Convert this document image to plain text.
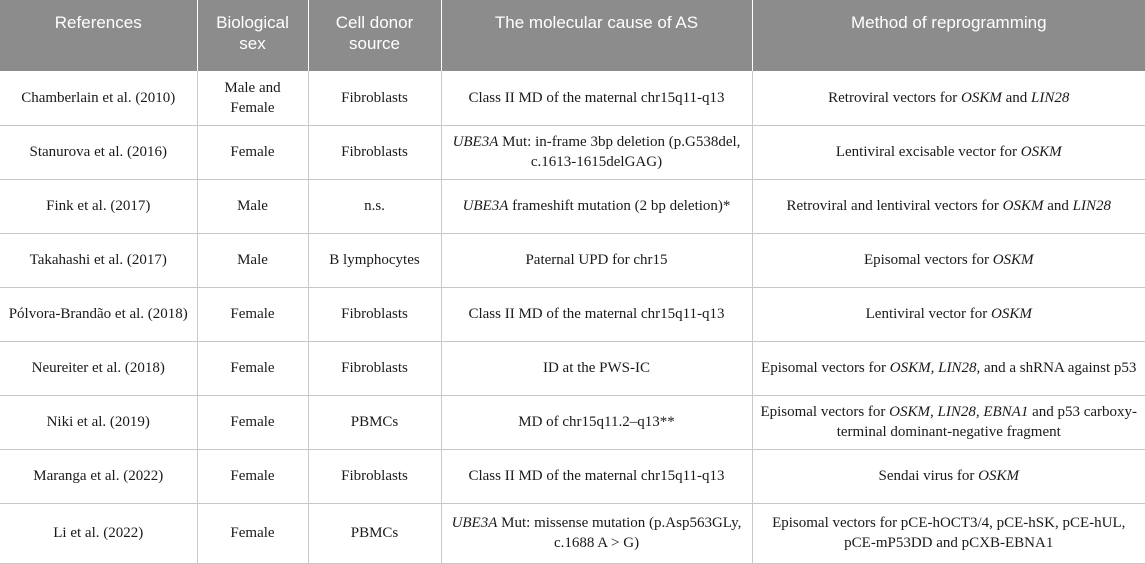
References	Biological sex	Cell donor source	The molecular cause of AS	Method of reprogramming
Chamberlain et al. (2010)	Male and Female	Fibroblasts	Class II MD of the maternal chr15q11-q13	Retroviral vectors for OSKM and LIN28
Stanurova et al. (2016)	Female	Fibroblasts	UBE3A Mut: in-frame 3bp deletion (p.G538del, c.1613-1615delGAG)	Lentiviral excisable vector for OSKM
Fink et al. (2017)	Male	n.s.	UBE3A frameshift mutation (2 bp deletion)*	Retroviral and lentiviral vectors for OSKM and LIN28
Takahashi et al. (2017)	Male	B lymphocytes	Paternal UPD for chr15	Episomal vectors for OSKM
Pólvora-Brandão et al. (2018)	Female	Fibroblasts	Class II MD of the maternal chr15q11-q13	Lentiviral vector for OSKM
Neureiter et al. (2018)	Female	Fibroblasts	ID at the PWS-IC	Episomal vectors for OSKM, LIN28, and a shRNA against p53
Niki et al. (2019)	Female	PBMCs	MD of chr15q11.2–q13**	Episomal vectors for OSKM, LIN28, EBNA1 and p53 carboxy-terminal dominant-negative fragment
Maranga et al. (2022)	Female	Fibroblasts	Class II MD of the maternal chr15q11-q13	Sendai virus for OSKM
Li et al. (2022)	Female	PBMCs	UBE3A Mut: missense mutation (p.Asp563GLy, c.1688 A > G)	Episomal vectors for pCE-hOCT3/4, pCE-hSK, pCE-hUL, pCE-mP53DD and pCXB-EBNA1
